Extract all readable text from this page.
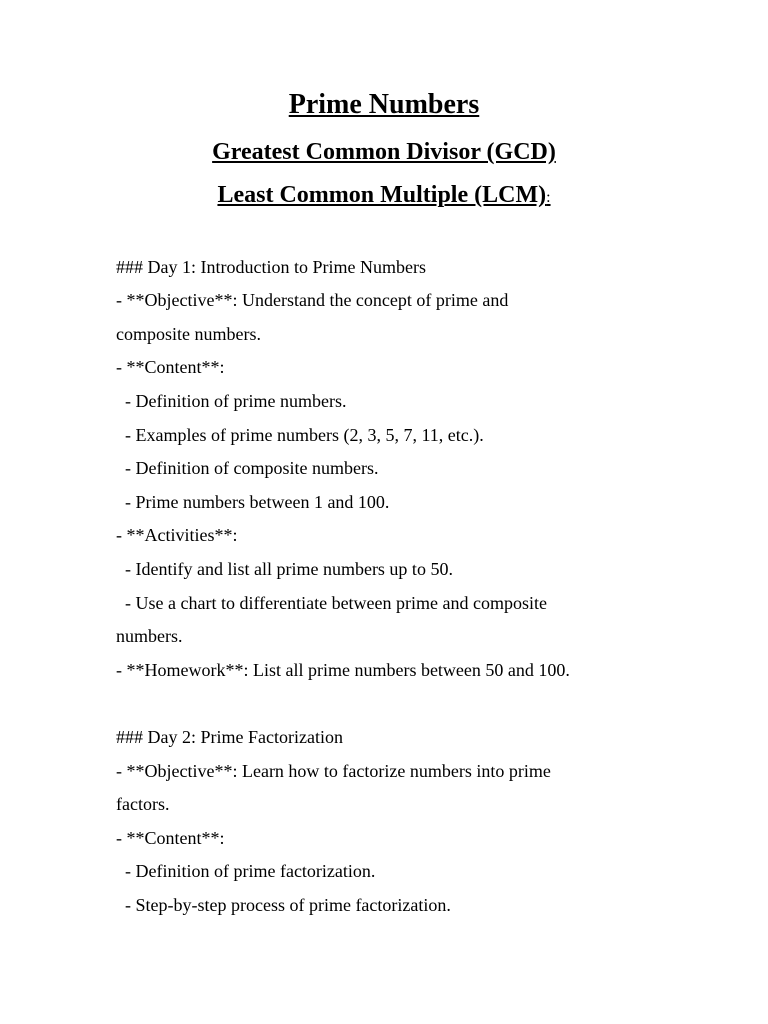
Prime Numbers
Greatest Common Divisor (GCD)
Least Common Multiple (LCM):
### Day 1: Introduction to Prime Numbers
- **Objective**: Understand the concept of prime and
composite numbers.
- **Content**:
- Definition of prime numbers.
- Examples of prime numbers (2, 3, 5, 7, 11, etc.).
- Definition of composite numbers.
- Prime numbers between 1 and 100.
- **Activities**:
- Identify and list all prime numbers up to 50.
- Use a chart to differentiate between prime and composite
numbers.
- **Homework**: List all prime numbers between 50 and 100.
### Day 2: Prime Factorization
- **Objective**: Learn how to factorize numbers into prime
factors.
- **Content**:
- Definition of prime factorization.
- Step-by-step process of prime factorization.
